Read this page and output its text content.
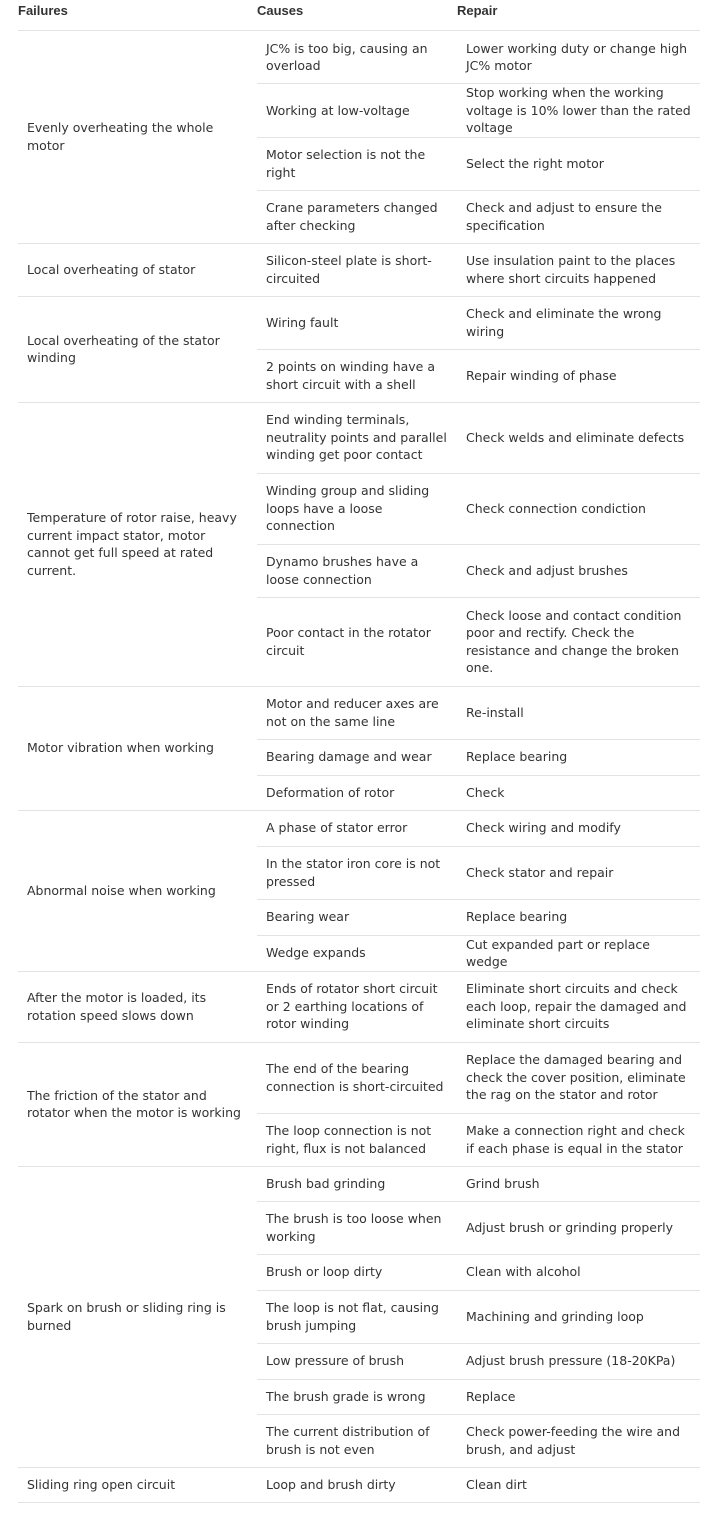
Failures	Causes	Repair
Evenly overheating the whole motor	JC% is too big, causing an overload	Lower working duty or change high JC% motor
	Working at low-voltage	Stop working when the working voltage is 10% lower than the rated voltage
	Motor selection is not the right	Select the right motor
	Crane parameters changed after checking	Check and adjust to ensure the specification
Local overheating of stator	Silicon-steel plate is short-circuited	Use insulation paint to the places where short circuits happened
Local overheating of the stator winding	Wiring fault	Check and eliminate the wrong wiring
	2 points on winding have a short circuit with a shell	Repair winding of phase
Temperature of rotor raise, heavy current impact stator, motor cannot get full speed at rated current.	End winding terminals, neutrality points and parallel winding get poor contact	Check welds and eliminate defects
	Winding group and sliding loops have a loose connection	Check connection condiction
	Dynamo brushes have a loose connection	Check and adjust brushes
	Poor contact in the rotator circuit	Check loose and contact condition poor and rectify. Check the resistance and change the broken one.
Motor vibration when working	Motor and reducer axes are not on the same line	Re-install
	Bearing damage and wear	Replace bearing
	Deformation of rotor	Check
Abnormal noise when working	A phase of stator error	Check wiring and modify
	In the stator iron core is not pressed	Check stator and repair
	Bearing wear	Replace bearing
	Wedge expands	Cut expanded part or replace wedge
After the motor is loaded, its rotation speed slows down	Ends of rotator short circuit or 2 earthing locations of rotor winding	Eliminate short circuits and check each loop, repair the damaged and eliminate short circuits
The friction of the stator and rotator when the motor is working	The end of the bearing connection is short-circuited	Replace the damaged bearing and check the cover position, eliminate the rag on the stator and rotor
	The loop connection is not right, flux is not balanced	Make a connection right and check if each phase is equal in the stator
Spark on brush or sliding ring is burned	Brush bad grinding	Grind brush
	The brush is too loose when working	Adjust brush or grinding properly
	Brush or loop dirty	Clean with alcohol
	The loop is not flat, causing brush jumping	Machining and grinding loop
	Low pressure of brush	Adjust brush pressure (18-20KPa)
	The brush grade is wrong	Replace
	The current distribution of brush is not even	Check power-feeding the wire and brush, and adjust
Sliding ring open circuit	Loop and brush dirty	Clean dirt
